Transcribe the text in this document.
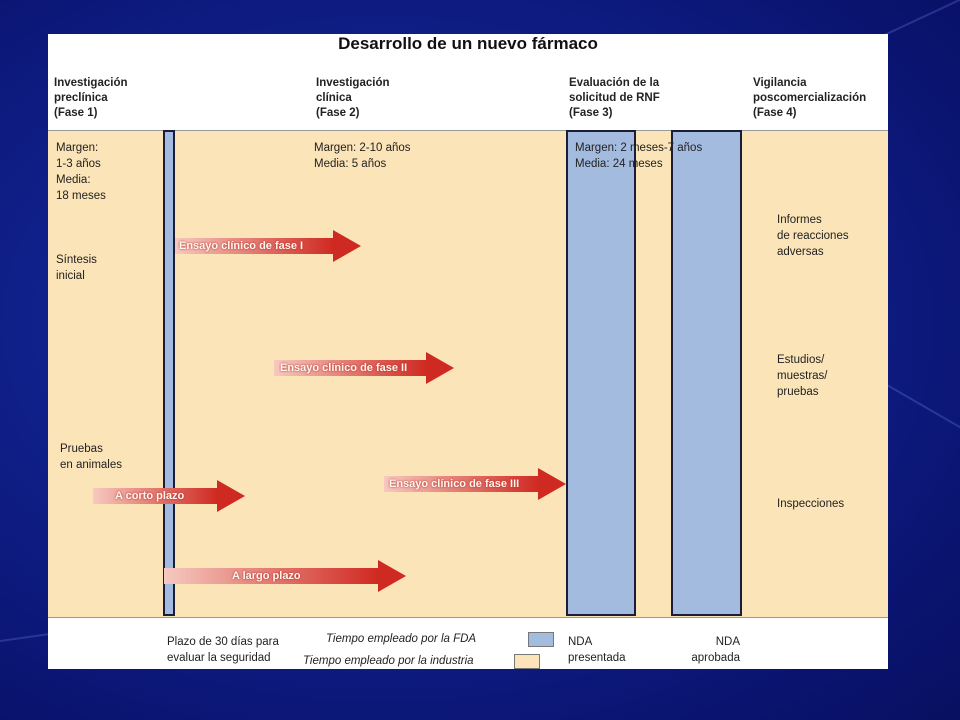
Desarrollo de un nuevo fármaco
Investigación
preclínica
(Fase 1)
Investigación
clínica
(Fase 2)
Evaluación de la
solicitud de RNF
(Fase 3)
Vigilancia
poscomercialización
(Fase 4)
Margen:
1-3 años
Media:
18 meses
Síntesis
inicial
Pruebas
en animales
Margen: 2-10 años
Media: 5 años
Margen: 2 meses-7 años
Media: 24 meses
Informes
de reacciones
adversas
Estudios/
muestras/
pruebas
Inspecciones
Ensayo clínico de fase I
Ensayo clínico de fase II
Ensayo clínico de fase III
A corto plazo
A largo plazo
Plazo de 30 días para
evaluar la seguridad
Tiempo empleado por la FDA
Tiempo empleado por la industria
NDA
presentada
NDA
aprobada
